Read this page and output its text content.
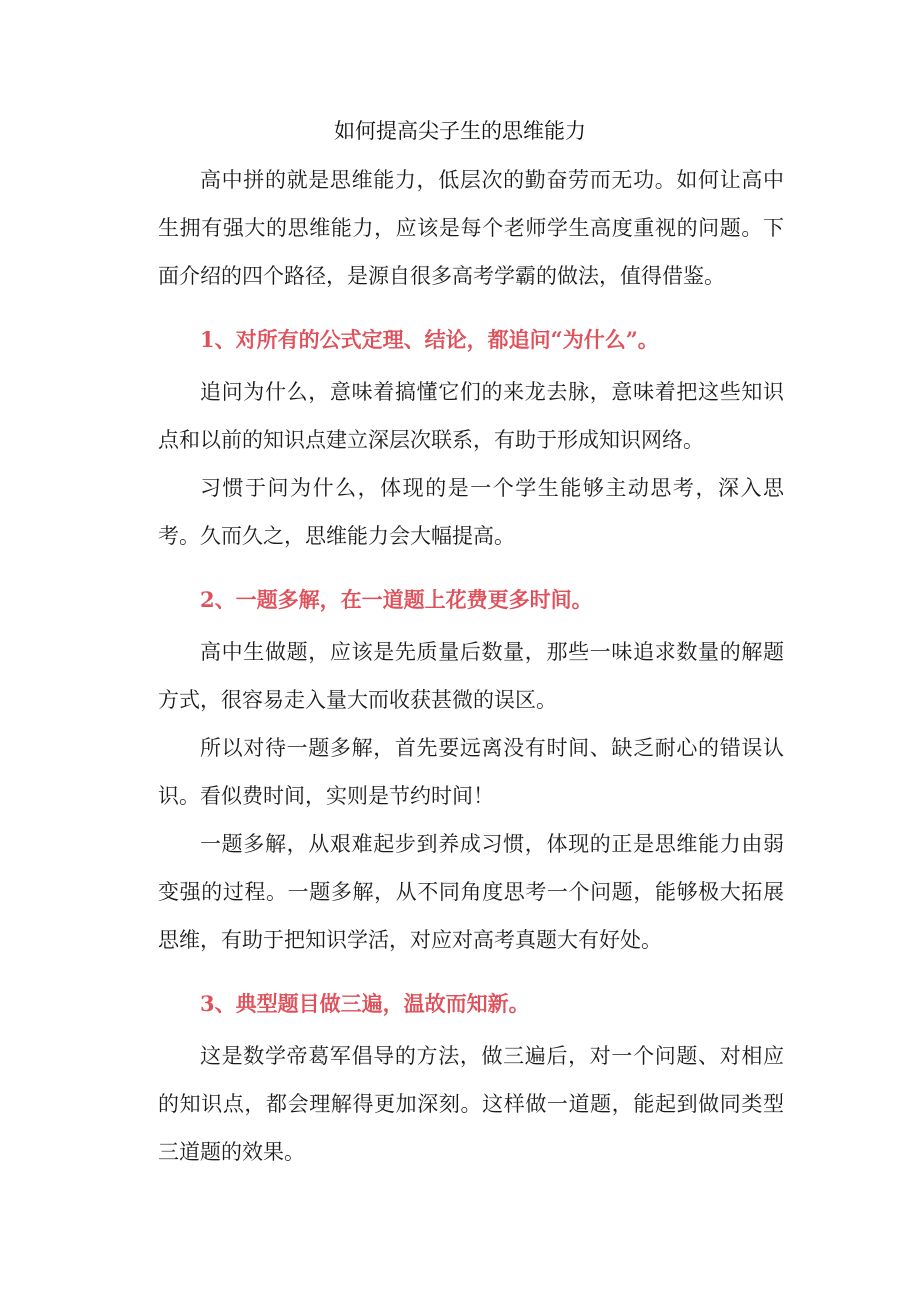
如何提高尖子生的思维能力

高中拼的就是思维能力，低层次的勤奋劳而无功。如何让高中生拥有强大的思维能力，应该是每个老师学生高度重视的问题。下面介绍的四个路径，是源自很多高考学霸的做法，值得借鉴。

1、对所有的公式定理、结论，都追问“为什么”。

追问为什么，意味着搞懂它们的来龙去脉，意味着把这些知识点和以前的知识点建立深层次联系，有助于形成知识网络。

习惯于问为什么，体现的是一个学生能够主动思考，深入思考。久而久之，思维能力会大幅提高。

2、一题多解，在一道题上花费更多时间。

高中生做题，应该是先质量后数量，那些一味追求数量的解题方式，很容易走入量大而收获甚微的误区。

所以对待一题多解，首先要远离没有时间、缺乏耐心的错误认识。看似费时间，实则是节约时间！

一题多解，从艰难起步到养成习惯，体现的正是思维能力由弱变强的过程。一题多解，从不同角度思考一个问题，能够极大拓展思维，有助于把知识学活，对应对高考真题大有好处。

3、典型题目做三遍，温故而知新。

这是数学帝葛军倡导的方法，做三遍后，对一个问题、对相应的知识点，都会理解得更加深刻。这样做一道题，能起到做同类型三道题的效果。
